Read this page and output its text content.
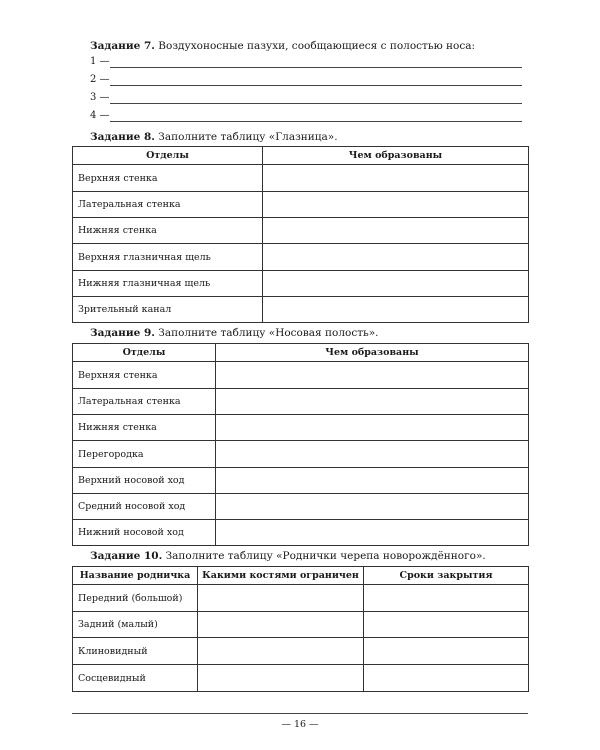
Задание 7. Воздухоносные пазухи, сообщающиеся с полостью носа:
1 —
2 —
3 —
4 —
Задание 8. Заполните таблицу «Глазница».
Отделы	Чем образованы
Верхняя стенка	
Латеральная стенка	
Нижняя стенка	
Верхняя глазничная щель	
Нижняя глазничная щель	
Зрительный канал	
Задание 9. Заполните таблицу «Носовая полость».
Отделы	Чем образованы
Верхняя стенка	
Латеральная стенка	
Нижняя стенка	
Перегородка	
Верхний носовой ход	
Средний носовой ход	
Нижний носовой ход	
Задание 10. Заполните таблицу «Роднички черепа новорождённого».
Название родничка	Какими костями ограничен	Сроки закрытия
Передний (большой)		
Задний (малый)		
Клиновидный		
Сосцевидный		
— 16 —
